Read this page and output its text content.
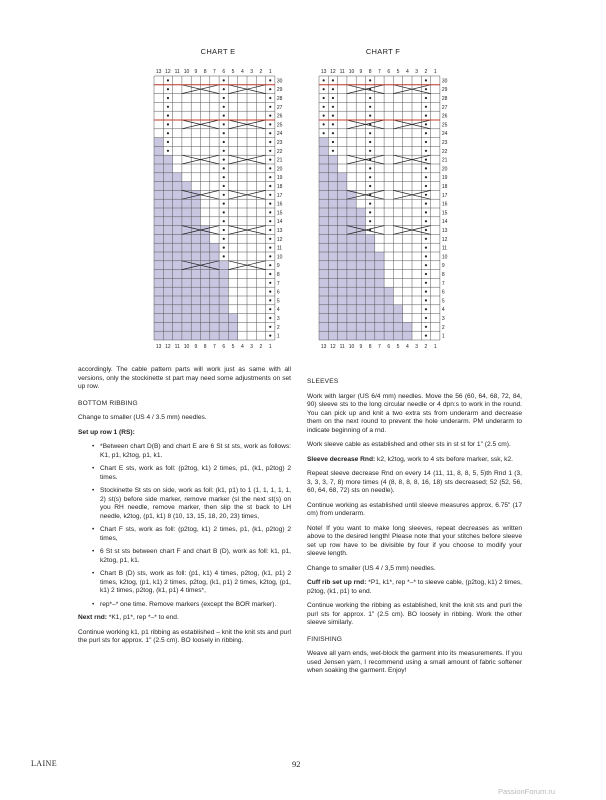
CHART E	CHART F
13
13
12
12
11
11
10
10
9
9
8
8
7
7
6
6
5
5
4
4
3
3
2
2
1
1
30
29
28
27
26
25
24
23
22
21
20
19
18
17
16
15
14
13
12
11
10
9
8
7
6
5
4
3
2
1
13
13
12
12
11
11
10
10
9
9
8
8
7
7
6
6
5
5
4
4
3
3
2
2
1
1
30
29
28
27
26
25
24
23
22
21
20
19
18
17
16
15
14
13
12
11
10
9
8
7
6
5
4
3
2
1

accordingly. The cable pattern parts will work just as same with all versions, only the stockinette st part may need some adjustments on set up row.

BOTTOM RIBBING

Change to smaller (US 4 / 3.5 mm) needles.

Set up row 1 (RS):

• *Between chart D(B) and chart E are 6 St st sts, work as follows: K1, p1, k2tog, p1, k1.
• Chart E sts, work as foll: (p2tog, k1) 2 times, p1, (k1, p2tog) 2 times.
• Stockinette St sts on side, work as foll: (k1, p1) to 1 (1, 1, 1, 1, 1, 2) st(s) before side marker, remove marker (sl the next st(s) on you RH needle, remove marker, then slip the st back to LH needle, k2tog, (p1, k1) 8 (10, 13, 15, 18, 20, 23) times,
• Chart F sts, work as foll: (p2tog, k1) 2 times, p1, (k1, p2tog) 2 times,
• 6 St st sts between chart F and chart B (D), work as foll: k1, p1, k2tog, p1, k1.
• Chart B (D) sts, work as foll: (p1, k1) 4 times, p2tog, (k1, p1) 2 times, k2tog, (p1, k1) 2 times, p2tog, (k1, p1) 2 times, k2tog, (p1, k1) 2 times, p2tog, (k1, p1) 4 times*,
• rep*–* one time. Remove markers (except the BOR marker).

Next rnd: *K1, p1*, rep *–* to end.

Continue working k1, p1 ribbing as established – knit the knit sts and purl the purl sts for approx. 1" (2.5 cm). BO loosely in ribbing.

SLEEVES

Work with larger (US 6/4 mm) needles. Move the 56 (60, 64, 68, 72, 84, 90) sleeve sts to the long circular needle or 4 dpn:s to work in the round. You can pick up and knit a two extra sts from underarm and decrease them on the next round to prevent the hole underarm. PM underarm to indicate beginning of a rnd.

Work sleeve cable as established and other sts in st st for 1" (2.5 cm).

Sleeve decrease Rnd: k2, k2tog, work to 4 sts before marker, ssk, k2.

Repeat sleeve decrease Rnd on every 14 (11, 11, 8, 8, 5, 5)th Rnd 1 (3, 3, 3, 3, 7, 8) more times (4 (8, 8, 8, 8, 16, 18) sts decreased; 52 (52, 56, 60, 64, 68, 72) sts on needle).

Continue working as established until sleeve measures approx. 6.75" (17 cm) from underarm.

Note! If you want to make long sleeves, repeat decreases as written above to the desired length! Please note that your stitches before sleeve set up row have to be divisible by four if you choose to modify your sleeve length.

Change to smaller (US 4 / 3,5 mm) needles.

Cuff rib set up rnd: *P1, k1*, rep *–* to sleeve cable, (p2tog, k1) 2 times, p2tog, (k1, p1) to end.

Continue working the ribbing as established, knit the knit sts and purl the purl sts for approx. 1" (2.5 cm). BO loosely in ribbing. Work the other sleeve similarly.

FINISHING

Weave all yarn ends, wet-block the garment into its measurements. If you used Jensen yarn, I recommend using a small amount of fabric softener when soaking the garment. Enjoy!

LAINE	92
PassionForum.ru
